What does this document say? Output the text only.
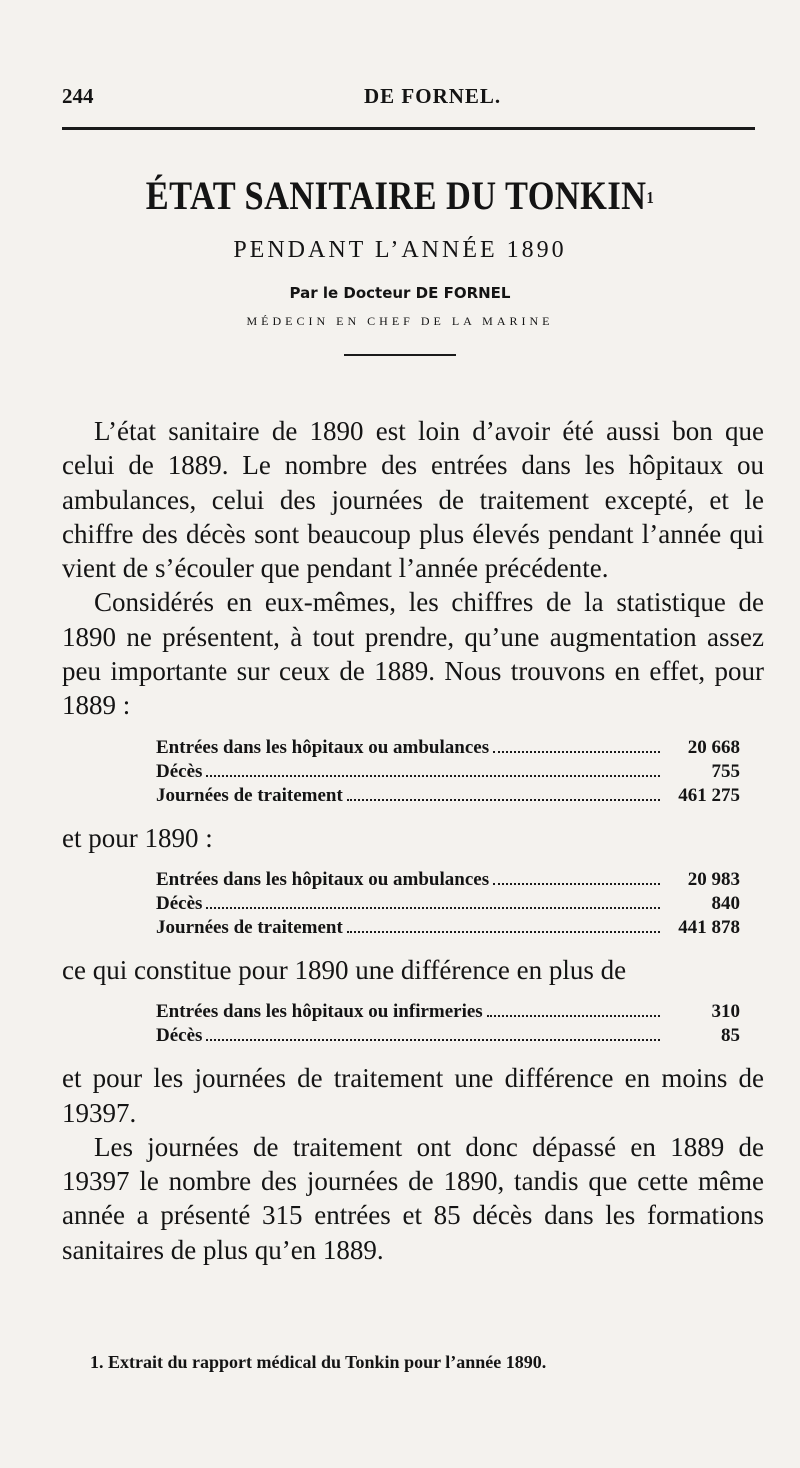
244	DE FORNEL.
ÉTAT SANITAIRE DU TONKIN$^1$
PENDANT L’ANNÉE 1890
Par le Docteur DE FORNEL
MÉDECIN EN CHEF DE LA MARINE

L’état sanitaire de 1890 est loin d’avoir été aussi bon que celui de 1889. Le nombre des entrées dans les hôpitaux ou ambulances, celui des journées de traitement excepté, et le chiffre des décès sont beaucoup plus élevés pendant l’année qui vient de s’écouler que pendant l’année précédente.

Considérés en eux-mêmes, les chiffres de la statistique de 1890 ne présentent, à tout prendre, qu’une augmentation assez peu importante sur ceux de 1889. Nous trouvons en effet, pour 1889 :

Entrées dans les hôpitaux ou ambulances	20 668
Décès	755
Journées de traitement	461 275

et pour 1890 :

Entrées dans les hôpitaux ou ambulances	20 983
Décès	840
Journées de traitement	441 878

ce qui constitue pour 1890 une différence en plus de

Entrées dans les hôpitaux ou infirmeries	310
Décès	85

et pour les journées de traitement une différence en moins de 19397.

Les journées de traitement ont donc dépassé en 1889 de 19397 le nombre des journées de 1890, tandis que cette même année a présenté 315 entrées et 85 décès dans les formations sanitaires de plus qu’en 1889.

1. Extrait du rapport médical du Tonkin pour l’année 1890.
